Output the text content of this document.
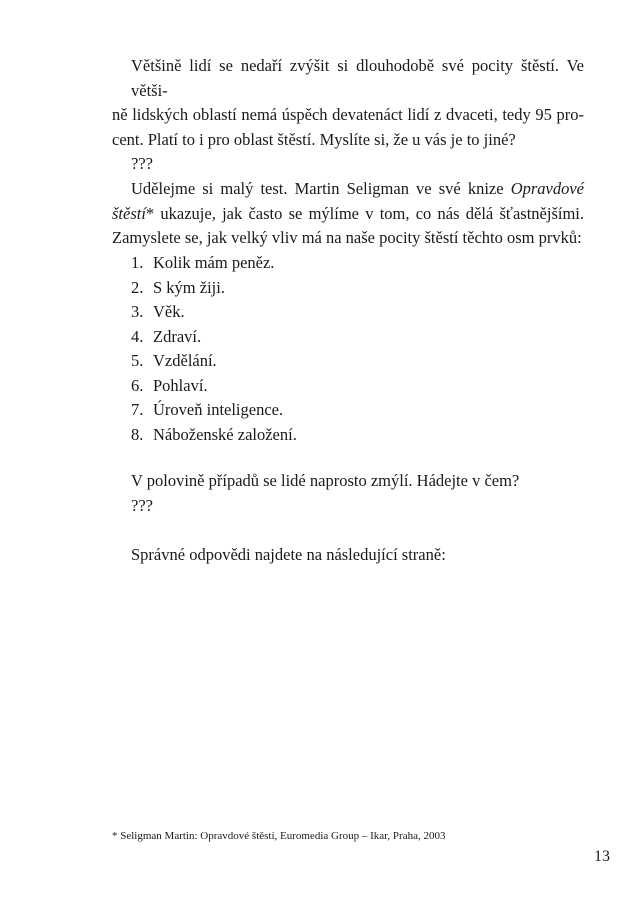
Většině lidí se nedaří zvýšit si dlouhodobě své pocity štěstí. Ve větši-
ně lidských oblastí nemá úspěch devatenáct lidí z dvaceti, tedy 95 pro-
cent. Platí to i pro oblast štěstí. Myslíte si, že u vás je to jiné?
???
Udělejme si malý test. Martin Seligman ve své knize Opravdové
štěstí* ukazuje, jak často se mýlíme v tom, co nás dělá šťastnějšími.
Zamyslete se, jak velký vliv má na naše pocity štěstí těchto osm prvků:
1. Kolik mám peněz.
2. S kým žiji.
3. Věk.
4. Zdraví.
5. Vzdělání.
6. Pohlaví.
7. Úroveň inteligence.
8. Náboženské založení.
V polovině případů se lidé naprosto zmýlí. Hádejte v čem?
???
Správné odpovědi najdete na následující straně:
* Seligman Martin: Opravdové štěstí, Euromedia Group – Ikar, Praha, 2003
13
